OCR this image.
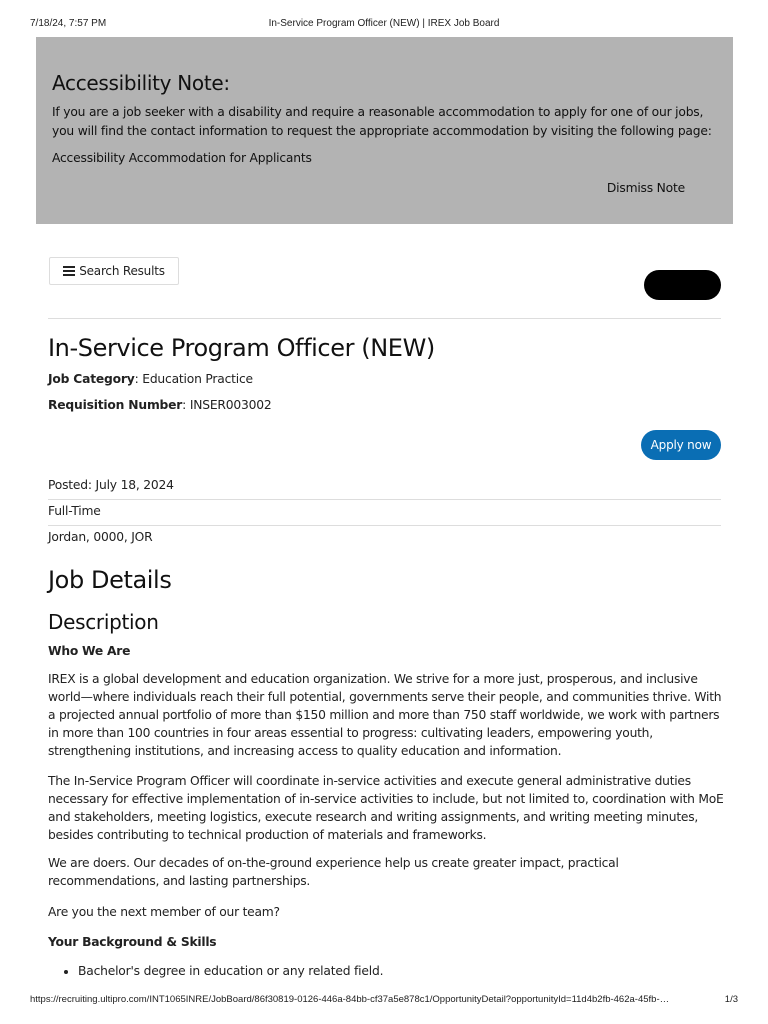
7/18/24, 7:57 PM	In-Service Program Officer (NEW) | IREX Job Board
Accessibility Note:

If you are a job seeker with a disability and require a reasonable accommodation to apply for one of our jobs, you will find the contact information to request the appropriate accommodation by visiting the following page:

Accessibility Accommodation for Applicants
Dismiss Note
Search Results
In-Service Program Officer (NEW)
Job Category: Education Practice
Requisition Number: INSER003002
Apply now
Posted: July 18, 2024
Full-Time
Jordan, 0000, JOR
Job Details
Description

Who We Are

IREX is a global development and education organization. We strive for a more just, prosperous, and inclusive world—where individuals reach their full potential, governments serve their people, and communities thrive. With a projected annual portfolio of more than $150 million and more than 750 staff worldwide, we work with partners in more than 100 countries in four areas essential to progress: cultivating leaders, empowering youth, strengthening institutions, and increasing access to quality education and information.

The In-Service Program Officer will coordinate in-service activities and execute general administrative duties necessary for effective implementation of in-service activities to include, but not limited to, coordination with MoE and stakeholders, meeting logistics, execute research and writing assignments, and writing meeting minutes, besides contributing to technical production of materials and frameworks.

We are doers. Our decades of on-the-ground experience help us create greater impact, practical recommendations, and lasting partnerships.

Are you the next member of our team?

Your Background & Skills

• Bachelor's degree in education or any related field.
https://recruiting.ultipro.com/INT1065INRE/JobBoard/86f30819-0126-446a-84bb-cf37a5e878c1/OpportunityDetail?opportunityId=11d4b2fb-462a-45fb-…	1/3
